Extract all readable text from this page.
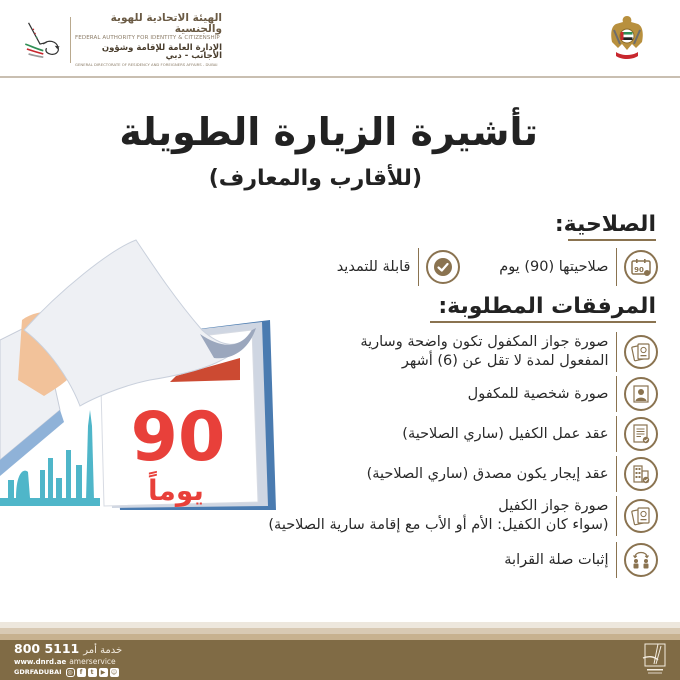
الهيئة الاتحادية للهوية والجنسية
FEDERAL AUTHORITY FOR IDENTITY & CITIZENSHIP
الإدارة العامة للإقامة وشؤون الأجانب - دبي
GENERAL DIRECTORATE OF RESIDENCY AND FOREIGNERS AFFAIRS - DUBAI
تأشيرة الزيارة الطويلة
(للأقارب والمعارف)
90
يوماً
الصلاحية:
90
صلاحيتها (90) يوم
قابلة للتمديد
المرفقات المطلوبة:
صورة جواز المكفول تكون واضحة وسارية
المفعول لمدة لا تقل عن (6) أشهر
صورة شخصية للمكفول
عقد عمل الكفيل (ساري الصلاحية)
عقد إيجار يكون مصدق (ساري الصلاحية)
صورة جواز الكفيل
(سواء كان الكفيل: الأم أو الأب مع إقامة سارية الصلاحية)
إثبات صلة القرابة
800 5111 خدمة أمر
www.dnrd.ae amerservice
GDRFADUBAI ◎	f	t	▶ ☺
